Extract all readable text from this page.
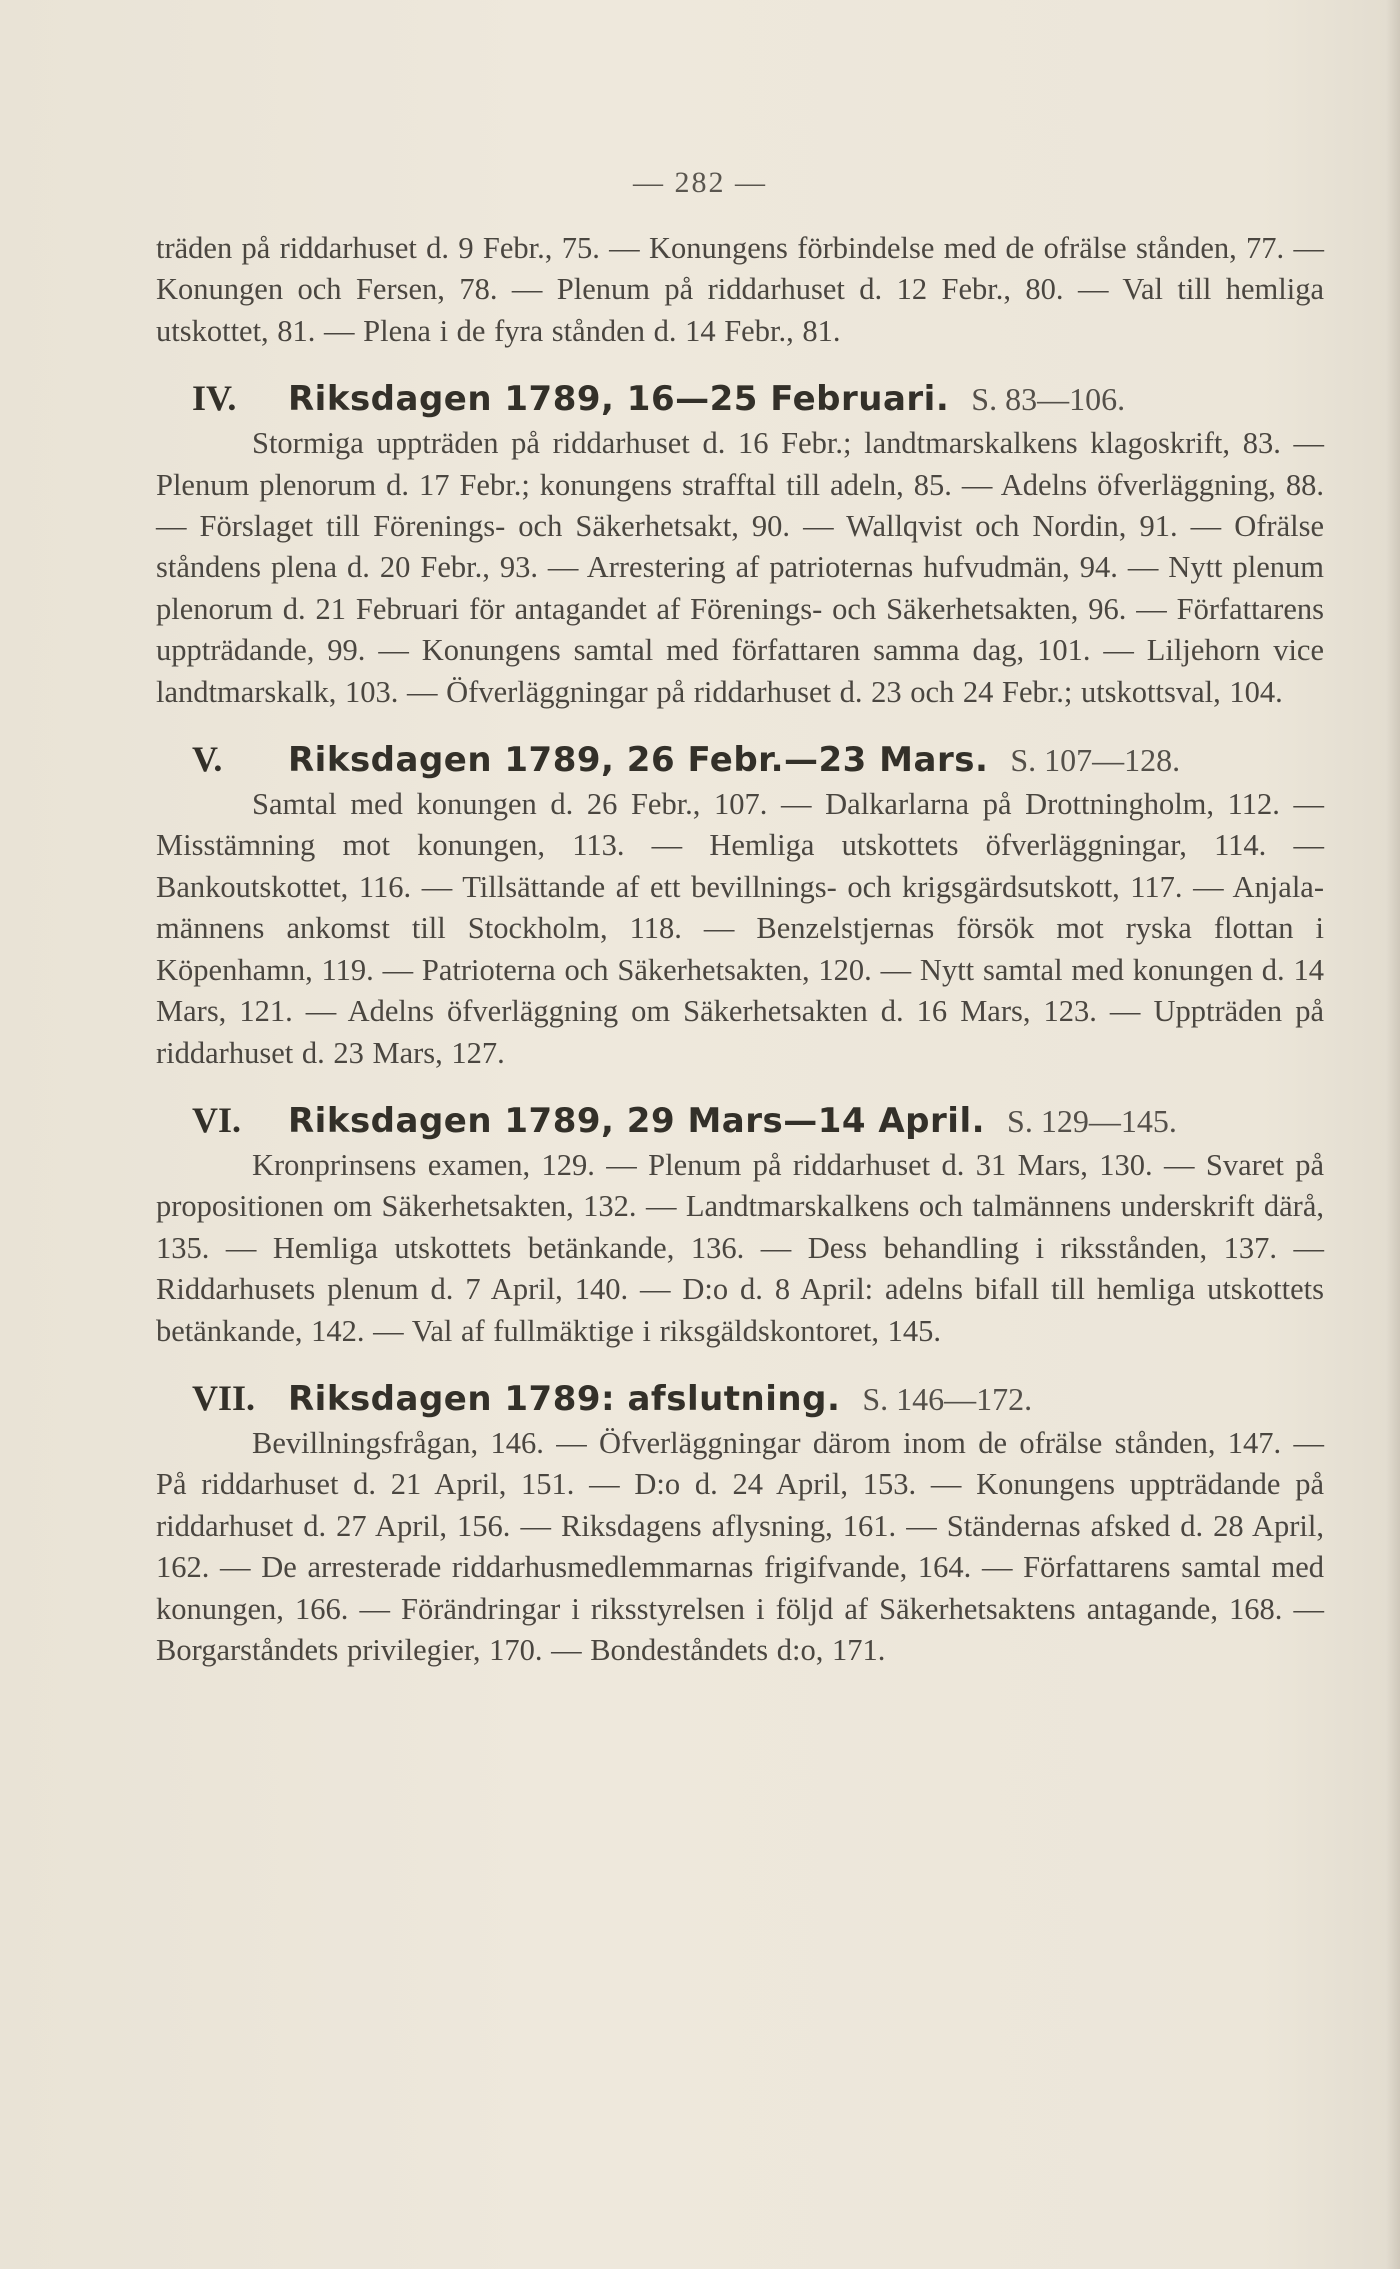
— 282 —

träden på riddarhuset d. 9 Febr., 75. — Konungens förbindelse med de ofrälse stånden, 77. — Konungen och Fersen, 78. — Plenum på riddarhuset d. 12 Febr., 80. — Val till hemliga utskottet, 81. — Plena i de fyra stånden d. 14 Febr., 81.

IV. Riksdagen 1789, 16—25 Februari. S. 83—106.

Stormiga uppträden på riddarhuset d. 16 Febr.; landtmarskalkens klagoskrift, 83. — Plenum plenorum d. 17 Febr.; konungens strafftal till adeln, 85. — Adelns öfverläggning, 88. — Förslaget till Förenings- och Säkerhetsakt, 90. — Wallqvist och Nordin, 91. — Ofrälse ståndens plena d. 20 Febr., 93. — Arrestering af patrioternas hufvudmän, 94. — Nytt plenum plenorum d. 21 Februari för antagandet af Förenings- och Säkerhetsakten, 96. — Författarens uppträdande, 99. — Konungens samtal med författaren samma dag, 101. — Liljehorn vice landtmarskalk, 103. — Öfverläggningar på riddarhuset d. 23 och 24 Febr.; utskottsval, 104.

V. Riksdagen 1789, 26 Febr.—23 Mars. S. 107—128.

Samtal med konungen d. 26 Febr., 107. — Dalkarlarna på Drottningholm, 112. — Misstämning mot konungen, 113. — Hemliga utskottets öfverläggningar, 114. — Bankoutskottet, 116. — Tillsättande af ett bevillnings- och krigsgärdsutskott, 117. — Anjala-männens ankomst till Stockholm, 118. — Benzelstjernas försök mot ryska flottan i Köpenhamn, 119. — Patrioterna och Säkerhetsakten, 120. — Nytt samtal med konungen d. 14 Mars, 121. — Adelns öfverläggning om Säkerhetsakten d. 16 Mars, 123. — Uppträden på riddarhuset d. 23 Mars, 127.

VI. Riksdagen 1789, 29 Mars—14 April. S. 129—145.

Kronprinsens examen, 129. — Plenum på riddarhuset d. 31 Mars, 130. — Svaret på propositionen om Säkerhetsakten, 132. — Landtmarskalkens och talmännens underskrift därå, 135. — Hemliga utskottets betänkande, 136. — Dess behandling i riksstånden, 137. — Riddarhusets plenum d. 7 April, 140. — D:o d. 8 April: adelns bifall till hemliga utskottets betänkande, 142. — Val af fullmäktige i riksgäldskontoret, 145.

VII. Riksdagen 1789: afslutning. S. 146—172.

Bevillningsfrågan, 146. — Öfverläggningar därom inom de ofrälse stånden, 147. — På riddarhuset d. 21 April, 151. — D:o d. 24 April, 153. — Konungens uppträdande på riddarhuset d. 27 April, 156. — Riksdagens aflysning, 161. — Ständernas afsked d. 28 April, 162. — De arresterade riddarhusmedlemmarnas frigifvande, 164. — Författarens samtal med konungen, 166. — Förändringar i riksstyrelsen i följd af Säkerhetsaktens antagande, 168. — Borgarståndets privilegier, 170. — Bondeståndets d:o, 171.
